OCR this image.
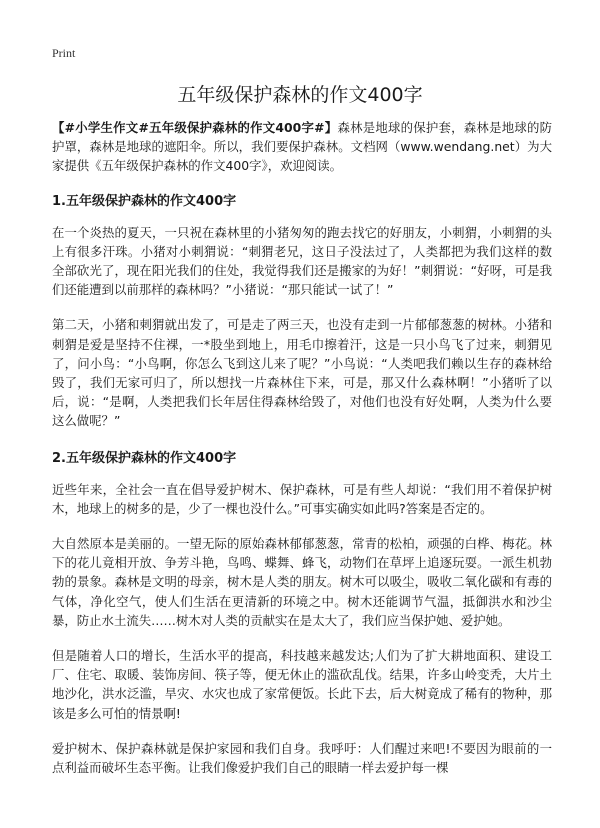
Print
五年级保护森林的作文400字

【#小学生作文#五年级保护森林的作文400字#】森林是地球的保护套，森林是地球的防护罩，森林是地球的遮阳伞。所以，我们要保护森林。文档网（www.wendang.net）为大家提供《五年级保护森林的作文400字》，欢迎阅读。

1.五年级保护森林的作文400字

在一个炎热的夏天，一只祝在森林里的小猪匆匆的跑去找它的好朋友，小刺猬，小刺猬的头上有很多汗珠。小猪对小刺猬说：“刺猬老兄，这日子没法过了，人类都把为我们这样的数全部砍光了，现在阳光我们的住处，我觉得我们还是搬家的为好！”刺猬说：“好呀，可是我们还能遭到以前那样的森林吗？”小猪说：“那只能试一试了！”

第二天，小猪和刺猬就出发了，可是走了两三天，也没有走到一片郁郁葱葱的树林。小猪和刺猬是爱是坚持不住裸，一*股坐到地上，用毛巾擦着汗，这是一只小鸟飞了过来，刺猬见了，问小鸟：“小鸟啊，你怎么飞到这儿来了呢？”小鸟说：“人类吧我们赖以生存的森林给毁了，我们无家可归了，所以想找一片森林住下来，可是，那又什么森林啊！”小猪听了以后，说：“是啊，人类把我们长年居住得森林给毁了，对他们也没有好处啊，人类为什么要这么做呢？”

2.五年级保护森林的作文400字

近些年来，全社会一直在倡导爱护树木、保护森林，可是有些人却说：“我们用不着保护树木，地球上的树多的是，少了一棵也没什么。”可事实确实如此吗?答案是否定的。

大自然原本是美丽的。一望无际的原始森林郁郁葱葱，常青的松柏，顽强的白桦、梅花。林下的花儿竟相开放、争芳斗艳，鸟鸣、蝶舞、蜂飞，动物们在草坪上追逐玩耍。一派生机勃勃的景象。森林是文明的母亲，树木是人类的朋友。树木可以吸尘，吸收二氧化碳和有毒的气体，净化空气，使人们生活在更清新的环境之中。树木还能调节气温，抵御洪水和沙尘暴，防止水土流失……树木对人类的贡献实在是太大了，我们应当保护她、爱护她。

但是随着人口的增长，生活水平的提高，科技越来越发达;人们为了扩大耕地面积、建设工厂、住宅、取暖、装饰房间、筷子等，便无休止的滥砍乱伐。结果，许多山岭变秃，大片土地沙化，洪水泛滥，旱灾、水灾也成了家常便饭。长此下去，后大树竟成了稀有的物种，那该是多么可怕的情景啊!

爱护树木、保护森林就是保护家园和我们自身。我呼吁：人们醒过来吧!不要因为眼前的一点利益而破坏生态平衡。让我们像爱护我们自己的眼睛一样去爱护每一棵
